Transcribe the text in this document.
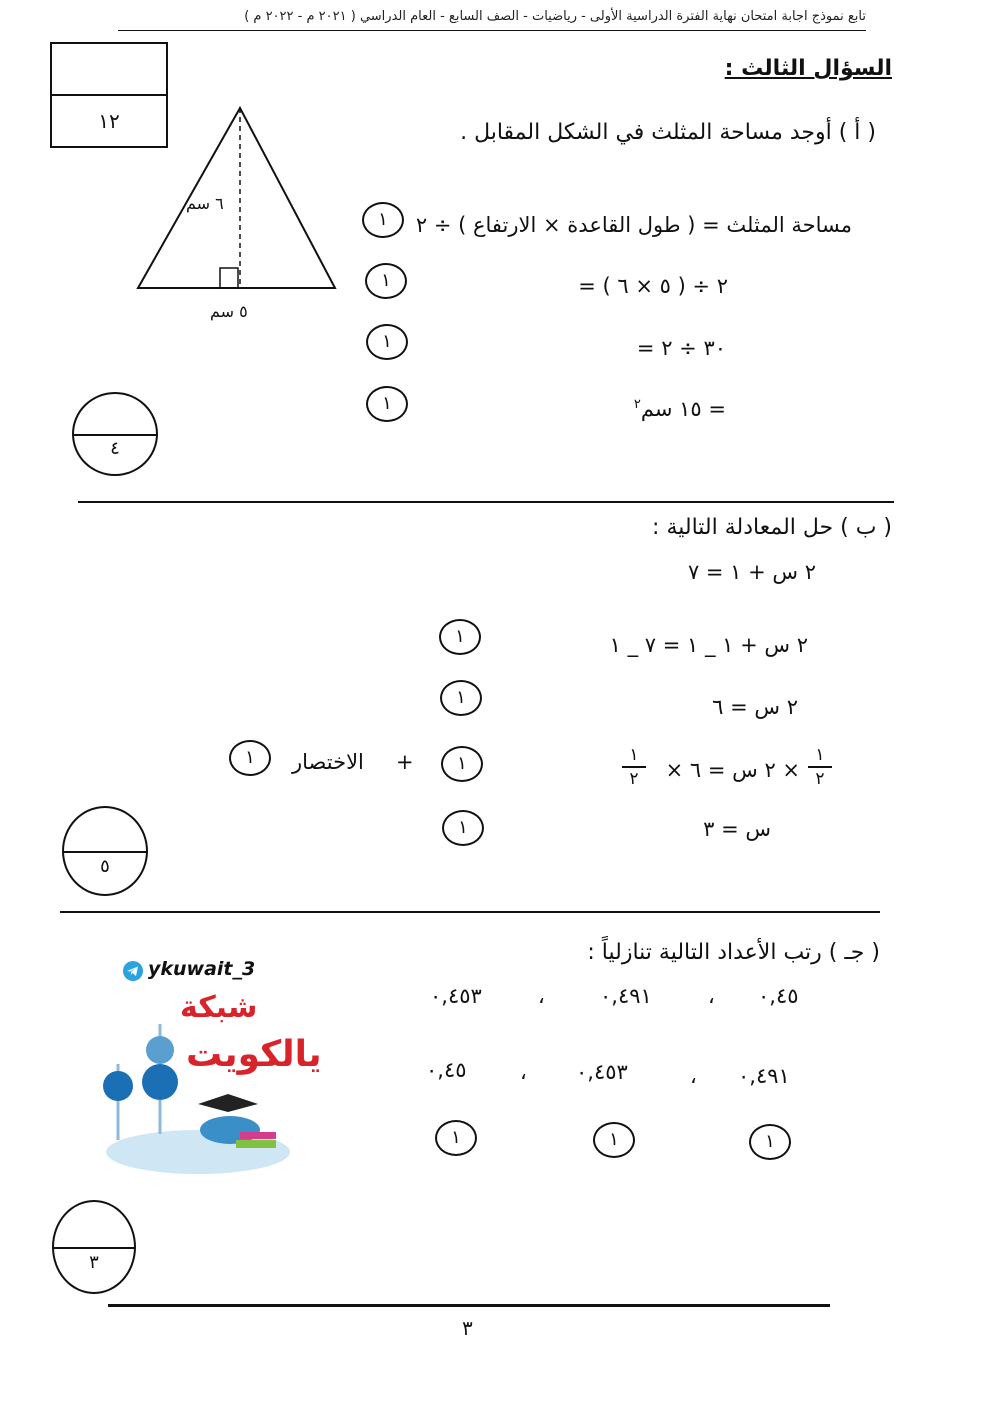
تابع نموذج اجابة امتحان نهاية الفترة الدراسية الأولى - رياضيات - الصف السابع - العام الدراسي ( ٢٠٢١ م - ٢٠٢٢ م )
١٢
السؤال الثالث :
( أ ) أوجد مساحة المثلث في الشكل المقابل .
٦ سم
٥ سم
مساحة المثلث = ( طول القاعدة × الارتفاع ) ÷ ٢
١
= ( ٥ × ٦ ) ÷ ٢
١
= ٣٠ ÷ ٢
١
= ١٥ سم$^٢$
١
٤
( ب ) حل المعادلة التالية :
٢ س + ١ = ٧
٢ س + ١ _ ١ = ٧ _ ١
١
٢ س = ٦
١
١
٢
× ٢ س = ٦ ×
١
٢
١
+
الاختصار
١
س = ٣
١
٥
( جـ ) رتب الأعداد التالية تنازلياً :
٠,٤٥
،
٠,٤٩١
،
٠,٤٥٣
٠,٤٩١
،
٠,٤٥٣
،
٠,٤٥
١
١
١
ykuwait_3
شبكة
يالكويت
٣
٣
